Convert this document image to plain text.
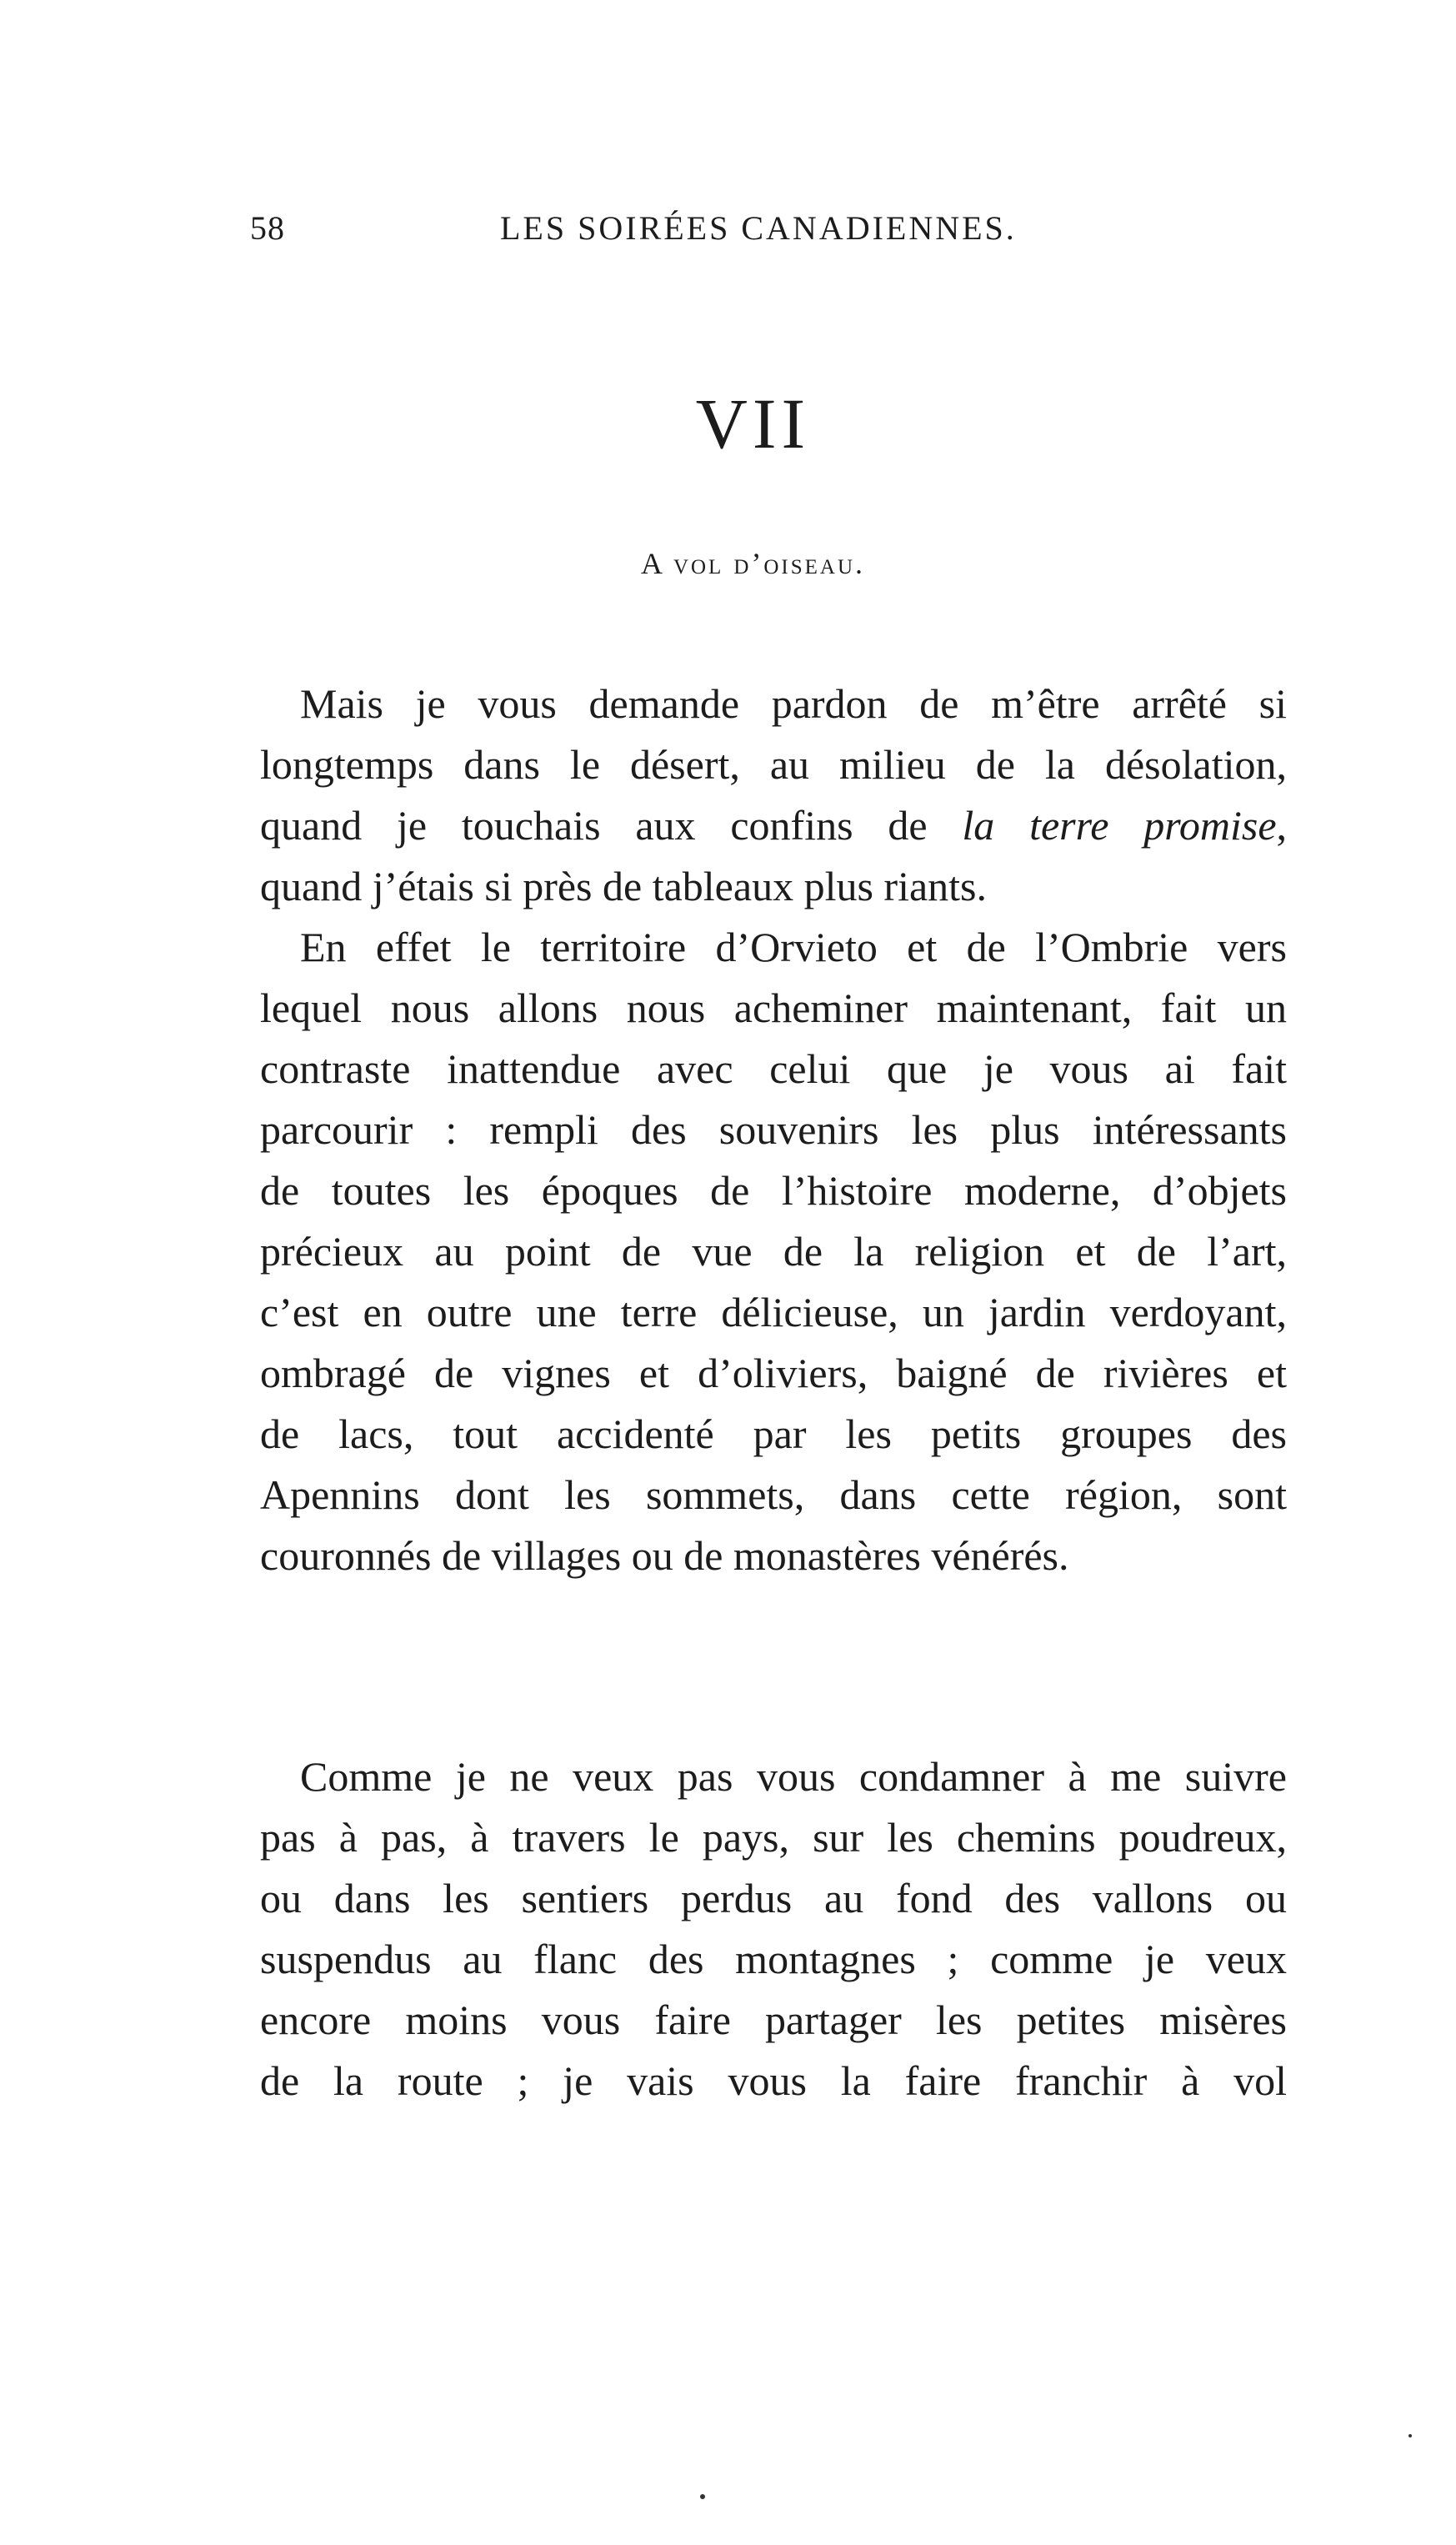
58	LES SOIRÉES CANADIENNES.
VII
A vol d’oiseau.

Mais je vous demande pardon de m’être arrêté si
longtemps dans le désert, au milieu de la désolation,
quand je touchais aux confins de la terre promise,
quand j’étais si près de tableaux plus riants.

En effet le territoire d’Orvieto et de l’Ombrie vers
lequel nous allons nous acheminer maintenant, fait un
contraste inattendue avec celui que je vous ai fait
parcourir : rempli des souvenirs les plus intéressants
de toutes les époques de l’histoire moderne, d’objets
précieux au point de vue de la religion et de l’art,
c’est en outre une terre délicieuse, un jardin verdoyant,
ombragé de vignes et d’oliviers, baigné de rivières et
de lacs, tout accidenté par les petits groupes des
Apennins dont les sommets, dans cette région, sont
couronnés de villages ou de monastères vénérés.

Comme je ne veux pas vous condamner à me suivre
pas à pas, à travers le pays, sur les chemins poudreux,
ou dans les sentiers perdus au fond des vallons ou
suspendus au flanc des montagnes ; comme je veux
encore moins vous faire partager les petites misères
de la route ; je vais vous la faire franchir à vol
